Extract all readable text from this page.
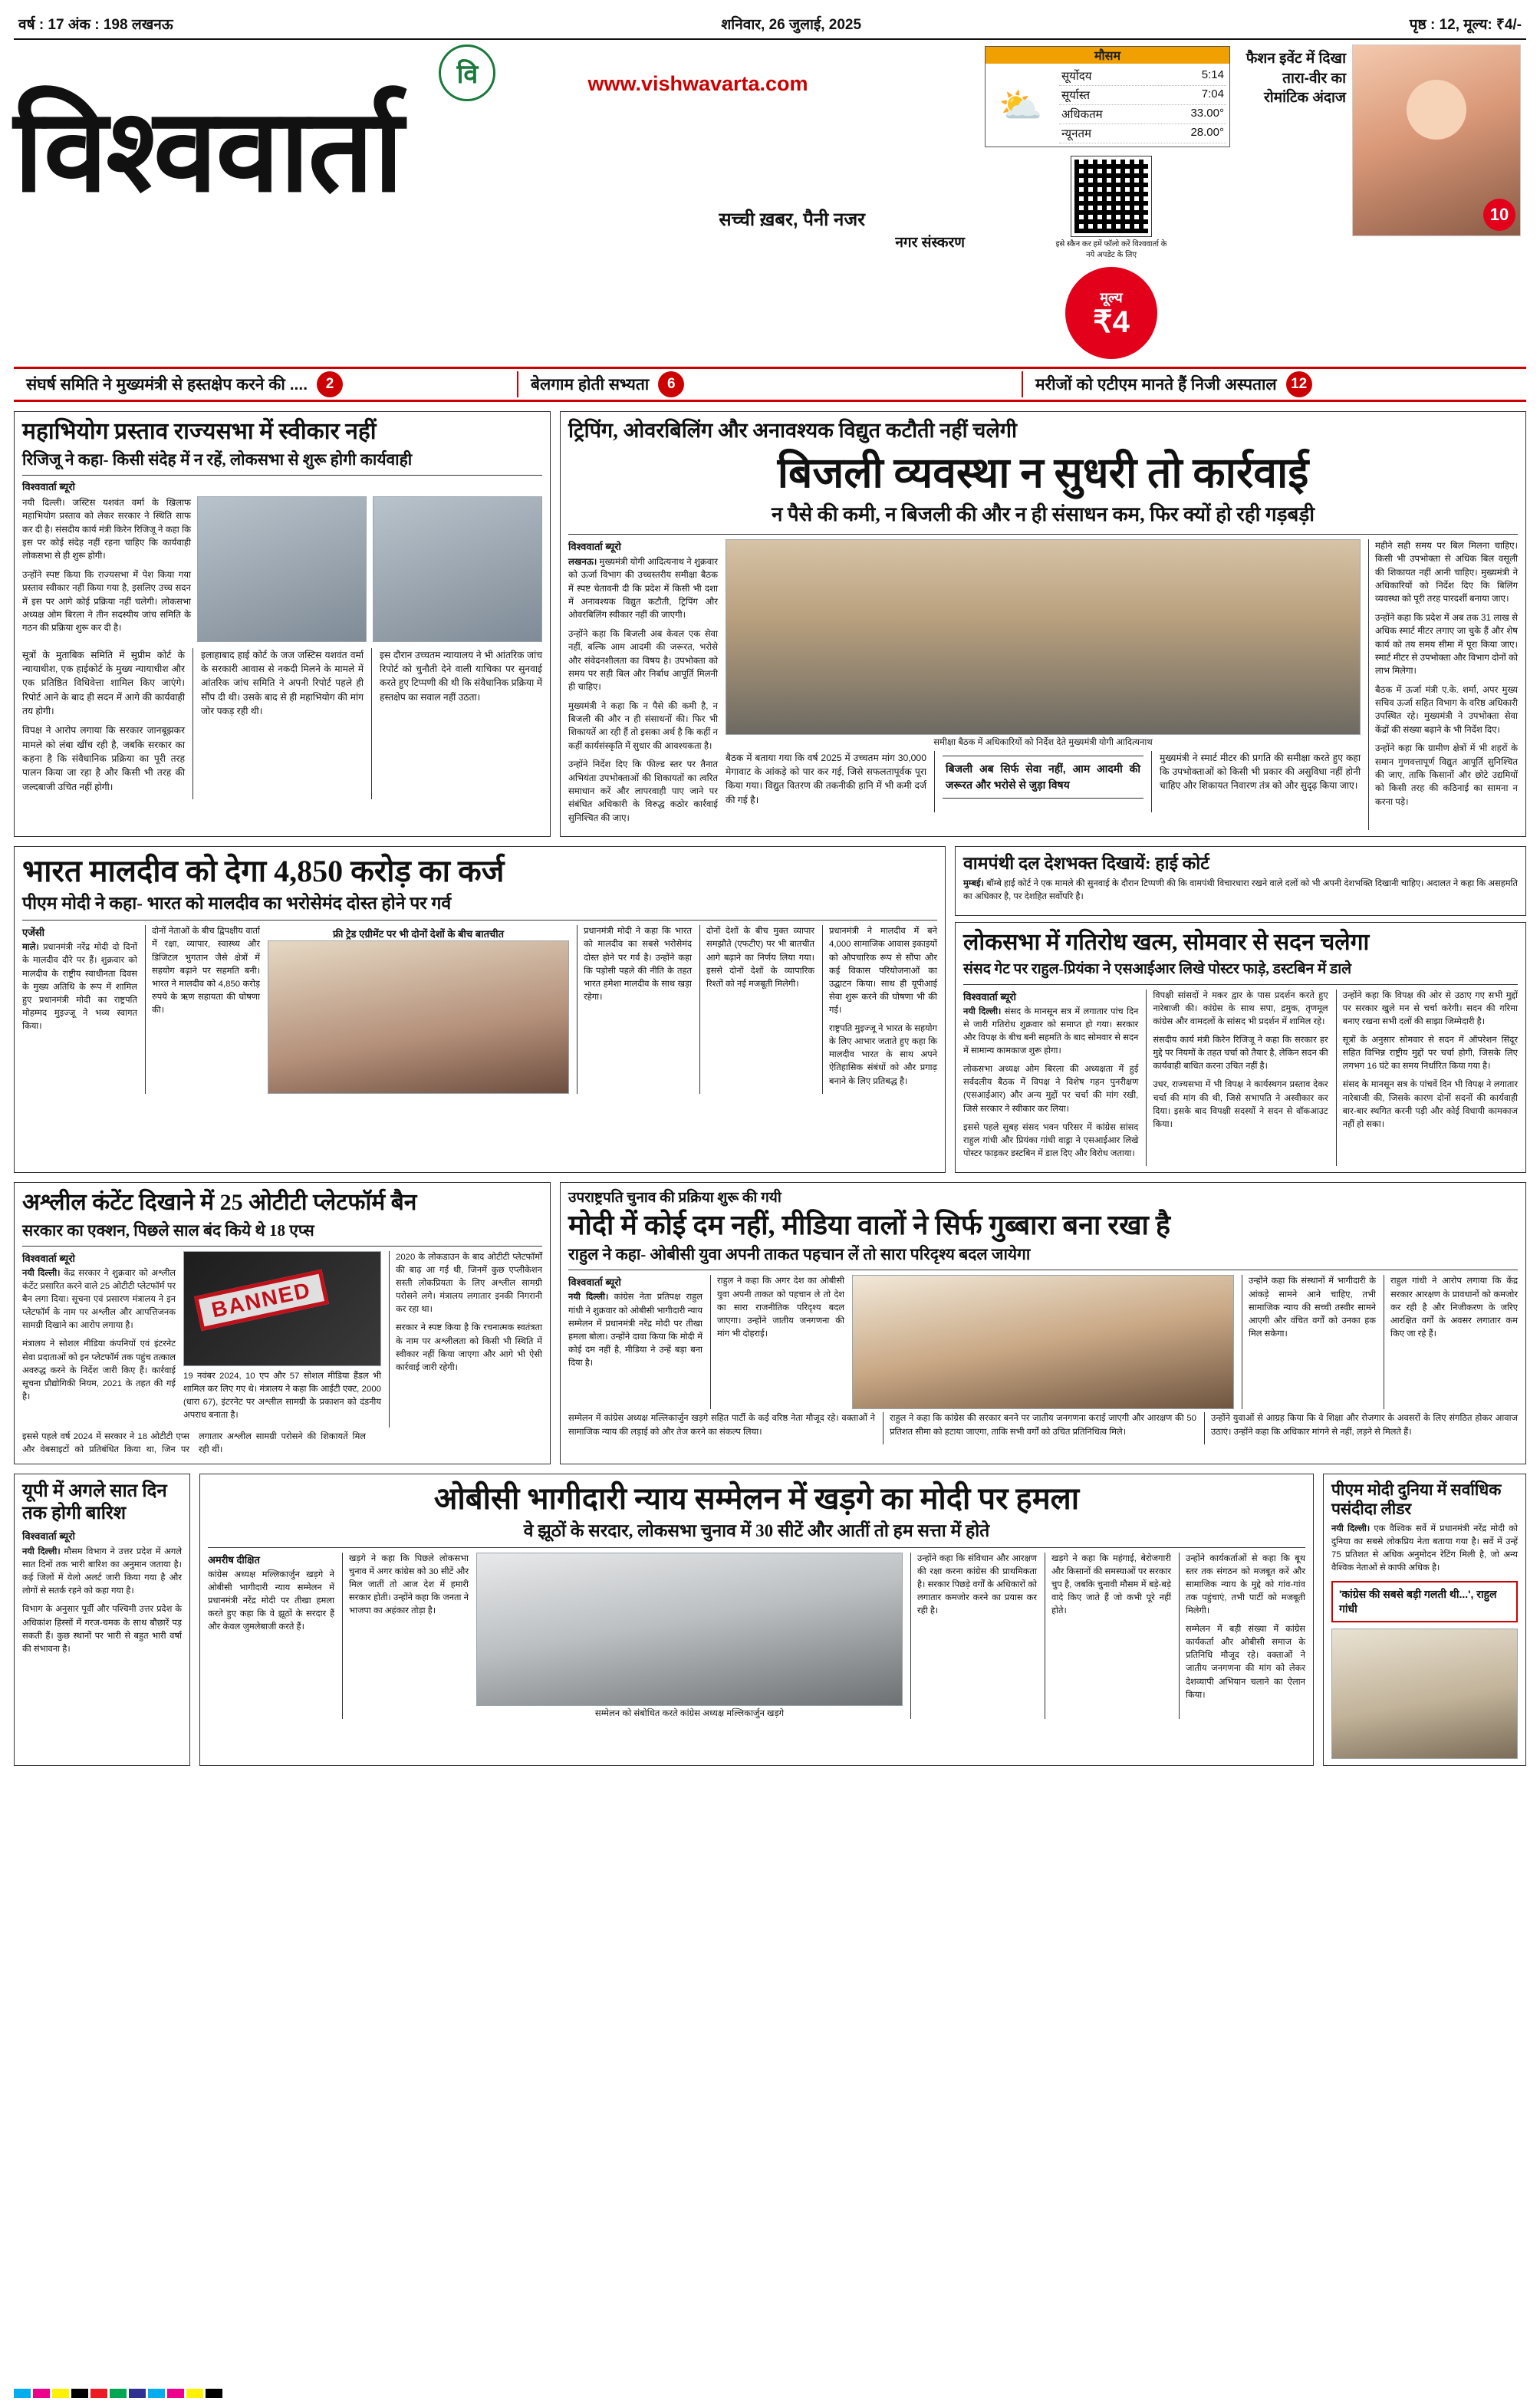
वर्ष : 17 अंक : 198 लखनऊ	शनिवार, 26 जुलाई, 2025	पृष्ठ : 12, मूल्य: ₹4/-
वि	www.vishwavarta.com
विश्ववार्ता
सच्ची ख़बर, पैनी नजर
नगर संस्करण
मौसम
⛅
सूर्योदय	5:14
सूर्यास्त	7:04
अधिकतम	33.00°
न्यूनतम	28.00°
इसे स्कैन कर हमें फॉलो करें विश्ववार्ता के नये अपडेट के लिए
मूल्य
₹4
फैशन इवेंट में दिखा तारा-वीर का रोमांटिक अंदाज
10
संघर्ष समिति ने मुख्यमंत्री से हस्तक्षेप करने की ....	2	बेलगाम होती सभ्यता	6	मरीजों को एटीएम मानते हैं निजी अस्पताल 12
महाभियोग प्रस्ताव राज्यसभा में स्वीकार नहीं
रिजिजू ने कहा- किसी संदेह में न रहें, लोकसभा से शुरू होगी कार्यवाही
विश्ववार्ता ब्यूरो

नयी दिल्ली। जस्टिस यशवंत वर्मा के खिलाफ महाभियोग प्रस्ताव को लेकर सरकार ने स्थिति साफ कर दी है। संसदीय कार्य मंत्री किरेन रिजिजू ने कहा कि इस पर कोई संदेह नहीं रहना चाहिए कि कार्यवाही लोकसभा से ही शुरू होगी।

उन्होंने स्पष्ट किया कि राज्यसभा में पेश किया गया प्रस्ताव स्वीकार नहीं किया गया है, इसलिए उच्च सदन में इस पर आगे कोई प्रक्रिया नहीं चलेगी। लोकसभा अध्यक्ष ओम बिरला ने तीन सदस्यीय जांच समिति के गठन की प्रक्रिया शुरू कर दी है।

सूत्रों के मुताबिक समिति में सुप्रीम कोर्ट के न्यायाधीश, एक हाईकोर्ट के मुख्य न्यायाधीश और एक प्रतिष्ठित विधिवेत्ता शामिल किए जाएंगे। रिपोर्ट आने के बाद ही सदन में आगे की कार्यवाही तय होगी।

विपक्ष ने आरोप लगाया कि सरकार जानबूझकर मामले को लंबा खींच रही है, जबकि सरकार का कहना है कि संवैधानिक प्रक्रिया का पूरी तरह पालन किया जा रहा है और किसी भी तरह की जल्दबाजी उचित नहीं होगी।

इलाहाबाद हाई कोर्ट के जज जस्टिस यशवंत वर्मा के सरकारी आवास से नकदी मिलने के मामले में आंतरिक जांच समिति ने अपनी रिपोर्ट पहले ही सौंप दी थी। उसके बाद से ही महाभियोग की मांग जोर पकड़ रही थी।

इस दौरान उच्चतम न्यायालय ने भी आंतरिक जांच रिपोर्ट को चुनौती देने वाली याचिका पर सुनवाई करते हुए टिप्पणी की थी कि संवैधानिक प्रक्रिया में हस्तक्षेप का सवाल नहीं उठता।

ट्रिपिंग, ओवरबिलिंग और अनावश्यक विद्युत कटौती नहीं चलेगी
बिजली व्यवस्था न सुधरी तो कार्रवाई
न पैसे की कमी, न बिजली की और न ही संसाधन कम, फिर क्यों हो रही गड़बड़ी
विश्ववार्ता ब्यूरो

लखनऊ। मुख्यमंत्री योगी आदित्यनाथ ने शुक्रवार को ऊर्जा विभाग की उच्चस्तरीय समीक्षा बैठक में स्पष्ट चेतावनी दी कि प्रदेश में किसी भी दशा में अनावश्यक विद्युत कटौती, ट्रिपिंग और ओवरबिलिंग स्वीकार नहीं की जाएगी।

उन्होंने कहा कि बिजली अब केवल एक सेवा नहीं, बल्कि आम आदमी की जरूरत, भरोसे और संवेदनशीलता का विषय है। उपभोक्ता को समय पर सही बिल और निर्बाध आपूर्ति मिलनी ही चाहिए।

मुख्यमंत्री ने कहा कि न पैसे की कमी है, न बिजली की और न ही संसाधनों की। फिर भी शिकायतें आ रही हैं तो इसका अर्थ है कि कहीं न कहीं कार्यसंस्कृति में सुधार की आवश्यकता है।

उन्होंने निर्देश दिए कि फील्ड स्तर पर तैनात अभियंता उपभोक्ताओं की शिकायतों का त्वरित समाधान करें और लापरवाही पाए जाने पर संबंधित अधिकारी के विरुद्ध कठोर कार्रवाई सुनिश्चित की जाए।

समीक्षा बैठक में अधिकारियों को निर्देश देते मुख्यमंत्री योगी आदित्यनाथ

बैठक में बताया गया कि वर्ष 2025 में उच्चतम मांग 30,000 मेगावाट के आंकड़े को पार कर गई, जिसे सफलतापूर्वक पूरा किया गया। विद्युत वितरण की तकनीकी हानि में भी कमी दर्ज की गई है।

बिजली अब सिर्फ सेवा नहीं, आम आदमी की जरूरत और भरोसे से जुड़ा विषय

मुख्यमंत्री ने स्मार्ट मीटर की प्रगति की समीक्षा करते हुए कहा कि उपभोक्ताओं को किसी भी प्रकार की असुविधा नहीं होनी चाहिए और शिकायत निवारण तंत्र को और सुदृढ़ किया जाए।

महीने सही समय पर बिल मिलना चाहिए। किसी भी उपभोक्ता से अधिक बिल वसूली की शिकायत नहीं आनी चाहिए। मुख्यमंत्री ने अधिकारियों को निर्देश दिए कि बिलिंग व्यवस्था को पूरी तरह पारदर्शी बनाया जाए।

उन्होंने कहा कि प्रदेश में अब तक 31 लाख से अधिक स्मार्ट मीटर लगाए जा चुके हैं और शेष कार्य को तय समय सीमा में पूरा किया जाए। स्मार्ट मीटर से उपभोक्ता और विभाग दोनों को लाभ मिलेगा।

बैठक में ऊर्जा मंत्री ए.के. शर्मा, अपर मुख्य सचिव ऊर्जा सहित विभाग के वरिष्ठ अधिकारी उपस्थित रहे। मुख्यमंत्री ने उपभोक्ता सेवा केंद्रों की संख्या बढ़ाने के भी निर्देश दिए।

उन्होंने कहा कि ग्रामीण क्षेत्रों में भी शहरों के समान गुणवत्तापूर्ण विद्युत आपूर्ति सुनिश्चित की जाए, ताकि किसानों और छोटे उद्यमियों को किसी तरह की कठिनाई का सामना न करना पड़े।

भारत मालदीव को देगा 4,850 करोड़ का कर्ज
पीएम मोदी ने कहा- भारत को मालदीव का भरोसेमंद दोस्त होने पर गर्व
एजेंसी

माले। प्रधानमंत्री नरेंद्र मोदी दो दिनों के मालदीव दौरे पर हैं। शुक्रवार को मालदीव के राष्ट्रीय स्वाधीनता दिवस के मुख्य अतिथि के रूप में शामिल हुए प्रधानमंत्री मोदी का राष्ट्रपति मोहम्मद मुइज्जू ने भव्य स्वागत किया।

दोनों नेताओं के बीच द्विपक्षीय वार्ता में रक्षा, व्यापार, स्वास्थ्य और डिजिटल भुगतान जैसे क्षेत्रों में सहयोग बढ़ाने पर सहमति बनी। भारत ने मालदीव को 4,850 करोड़ रुपये के ऋण सहायता की घोषणा की।

फ्री ट्रेड एग्रीमेंट पर भी दोनों देशों के बीच बातचीत	प्रधानमंत्री मोदी ने कहा कि भारत को मालदीव का सबसे भरोसेमंद दोस्त होने पर गर्व है। उन्होंने कहा कि पड़ोसी पहले की नीति के तहत भारत हमेशा मालदीव के साथ खड़ा रहेगा।

दोनों देशों के बीच मुक्त व्यापार समझौते (एफटीए) पर भी बातचीत आगे बढ़ाने का निर्णय लिया गया। इससे दोनों देशों के व्यापारिक रिश्तों को नई मजबूती मिलेगी।

प्रधानमंत्री ने मालदीव में बने 4,000 सामाजिक आवास इकाइयों को औपचारिक रूप से सौंपा और कई विकास परियोजनाओं का उद्घाटन किया। साथ ही यूपीआई सेवा शुरू करने की घोषणा भी की गई।

राष्ट्रपति मुइज्जू ने भारत के सहयोग के लिए आभार जताते हुए कहा कि मालदीव भारत के साथ अपने ऐतिहासिक संबंधों को और प्रगाढ़ बनाने के लिए प्रतिबद्ध है।

वामपंथी दल देशभक्त दिखायें: हाई कोर्ट

मुम्बई। बॉम्बे हाई कोर्ट ने एक मामले की सुनवाई के दौरान टिप्पणी की कि वामपंथी विचारधारा रखने वाले दलों को भी अपनी देशभक्ति दिखानी चाहिए। अदालत ने कहा कि असहमति का अधिकार है, पर देशहित सर्वोपरि है।

लोकसभा में गतिरोध खत्म, सोमवार से सदन चलेगा
संसद गेट पर राहुल-प्रियंका ने एसआईआर लिखे पोस्टर फाड़े, डस्टबिन में डाले
विश्ववार्ता ब्यूरो

नयी दिल्ली। संसद के मानसून सत्र में लगातार पांच दिन से जारी गतिरोध शुक्रवार को समाप्त हो गया। सरकार और विपक्ष के बीच बनी सहमति के बाद सोमवार से सदन में सामान्य कामकाज शुरू होगा।

लोकसभा अध्यक्ष ओम बिरला की अध्यक्षता में हुई सर्वदलीय बैठक में विपक्ष ने विशेष गहन पुनरीक्षण (एसआईआर) और अन्य मुद्दों पर चर्चा की मांग रखी, जिसे सरकार ने स्वीकार कर लिया।

इससे पहले सुबह संसद भवन परिसर में कांग्रेस सांसद राहुल गांधी और प्रियंका गांधी वाड्रा ने एसआईआर लिखे पोस्टर फाड़कर डस्टबिन में डाल दिए और विरोध जताया।

विपक्षी सांसदों ने मकर द्वार के पास प्रदर्शन करते हुए नारेबाजी की। कांग्रेस के साथ सपा, द्रमुक, तृणमूल कांग्रेस और वामदलों के सांसद भी प्रदर्शन में शामिल रहे।

संसदीय कार्य मंत्री किरेन रिजिजू ने कहा कि सरकार हर मुद्दे पर नियमों के तहत चर्चा को तैयार है, लेकिन सदन की कार्यवाही बाधित करना उचित नहीं है।

उधर, राज्यसभा में भी विपक्ष ने कार्यस्थगन प्रस्ताव देकर चर्चा की मांग की थी, जिसे सभापति ने अस्वीकार कर दिया। इसके बाद विपक्षी सदस्यों ने सदन से वॉकआउट किया।

उन्होंने कहा कि विपक्ष की ओर से उठाए गए सभी मुद्दों पर सरकार खुले मन से चर्चा करेगी। सदन की गरिमा बनाए रखना सभी दलों की साझा जिम्मेदारी है।

सूत्रों के अनुसार सोमवार से सदन में ऑपरेशन सिंदूर सहित विभिन्न राष्ट्रीय मुद्दों पर चर्चा होगी, जिसके लिए लगभग 16 घंटे का समय निर्धारित किया गया है।

संसद के मानसून सत्र के पांचवें दिन भी विपक्ष ने लगातार नारेबाजी की, जिसके कारण दोनों सदनों की कार्यवाही बार-बार स्थगित करनी पड़ी और कोई विधायी कामकाज नहीं हो सका।

अश्लील कंटेंट दिखाने में 25 ओटीटी प्लेटफॉर्म बैन
सरकार का एक्शन, पिछले साल बंद किये थे 18 एप्स
विश्ववार्ता ब्यूरो

नयी दिल्ली। केंद्र सरकार ने शुक्रवार को अश्लील कंटेंट प्रसारित करने वाले 25 ओटीटी प्लेटफॉर्म पर बैन लगा दिया। सूचना एवं प्रसारण मंत्रालय ने इन प्लेटफॉर्म के नाम पर अश्लील और आपत्तिजनक सामग्री दिखाने का आरोप लगाया है।

मंत्रालय ने सोशल मीडिया कंपनियों एवं इंटरनेट सेवा प्रदाताओं को इन प्लेटफॉर्म तक पहुंच तत्काल अवरुद्ध करने के निर्देश जारी किए हैं। कार्रवाई सूचना प्रौद्योगिकी नियम, 2021 के तहत की गई है।

BANNED

19 नवंबर 2024, 10 एप और 57 सोशल मीडिया हैंडल भी शामिल कर लिए गए थे। मंत्रालय ने कहा कि आईटी एक्ट, 2000 (धारा 67), इंटरनेट पर अश्लील सामग्री के प्रकाशन को दंडनीय अपराध बनाता है।

2020 के लोकडाउन के बाद ओटीटी प्लेटफॉर्मों की बाढ़ आ गई थी, जिनमें कुछ एप्लीकेशन सस्ती लोकप्रियता के लिए अश्लील सामग्री परोसने लगे। मंत्रालय लगातार इनकी निगरानी कर रहा था।

सरकार ने स्पष्ट किया है कि रचनात्मक स्वतंत्रता के नाम पर अश्लीलता को किसी भी स्थिति में स्वीकार नहीं किया जाएगा और आगे भी ऐसी कार्रवाई जारी रहेगी।

इससे पहले वर्ष 2024 में सरकार ने 18 ओटीटी एप्स और वेबसाइटों को प्रतिबंधित किया था, जिन पर लगातार अश्लील सामग्री परोसने की शिकायतें मिल रही थीं।

उपराष्ट्रपति चुनाव की प्रक्रिया शुरू की गयी
मोदी में कोई दम नहीं, मीडिया वालों ने सिर्फ गुब्बारा बना रखा है
राहुल ने कहा- ओबीसी युवा अपनी ताकत पहचान लें तो सारा परिदृश्य बदल जायेगा
विश्ववार्ता ब्यूरो

नयी दिल्ली। कांग्रेस नेता प्रतिपक्ष राहुल गांधी ने शुक्रवार को ओबीसी भागीदारी न्याय सम्मेलन में प्रधानमंत्री नरेंद्र मोदी पर तीखा हमला बोला। उन्होंने दावा किया कि मोदी में कोई दम नहीं है, मीडिया ने उन्हें बड़ा बना दिया है।

राहुल ने कहा कि अगर देश का ओबीसी युवा अपनी ताकत को पहचान ले तो देश का सारा राजनीतिक परिदृश्य बदल जाएगा। उन्होंने जातीय जनगणना की मांग भी दोहराई।

उन्होंने कहा कि संस्थानों में भागीदारी के आंकड़े सामने आने चाहिए, तभी सामाजिक न्याय की सच्ची तस्वीर सामने आएगी और वंचित वर्गों को उनका हक मिल सकेगा।

राहुल गांधी ने आरोप लगाया कि केंद्र सरकार आरक्षण के प्रावधानों को कमजोर कर रही है और निजीकरण के जरिए आरक्षित वर्गों के अवसर लगातार कम किए जा रहे हैं।

सम्मेलन में कांग्रेस अध्यक्ष मल्लिकार्जुन खड़गे सहित पार्टी के कई वरिष्ठ नेता मौजूद रहे। वक्ताओं ने सामाजिक न्याय की लड़ाई को और तेज करने का संकल्प लिया।

राहुल ने कहा कि कांग्रेस की सरकार बनने पर जातीय जनगणना कराई जाएगी और आरक्षण की 50 प्रतिशत सीमा को हटाया जाएगा, ताकि सभी वर्गों को उचित प्रतिनिधित्व मिले।

उन्होंने युवाओं से आग्रह किया कि वे शिक्षा और रोजगार के अवसरों के लिए संगठित होकर आवाज उठाएं। उन्होंने कहा कि अधिकार मांगने से नहीं, लड़ने से मिलते हैं।

यूपी में अगले सात दिन तक होगी बारिश
विश्ववार्ता ब्यूरो

नयी दिल्ली। मौसम विभाग ने उत्तर प्रदेश में अगले सात दिनों तक भारी बारिश का अनुमान जताया है। कई जिलों में येलो अलर्ट जारी किया गया है और लोगों से सतर्क रहने को कहा गया है।

विभाग के अनुसार पूर्वी और पश्चिमी उत्तर प्रदेश के अधिकांश हिस्सों में गरज-चमक के साथ बौछारें पड़ सकती हैं। कुछ स्थानों पर भारी से बहुत भारी वर्षा की संभावना है।

ओबीसी भागीदारी न्याय सम्मेलन में खड़गे का मोदी पर हमला
वे झूठों के सरदार, लोकसभा चुनाव में 30 सीटें और आतीं तो हम सत्ता में होते
अमरीष दीक्षित

कांग्रेस अध्यक्ष मल्लिकार्जुन खड़गे ने ओबीसी भागीदारी न्याय सम्मेलन में प्रधानमंत्री नरेंद्र मोदी पर तीखा हमला करते हुए कहा कि वे झूठों के सरदार हैं और केवल जुमलेबाजी करते हैं।

खड़गे ने कहा कि पिछले लोकसभा चुनाव में अगर कांग्रेस को 30 सीटें और मिल जातीं तो आज देश में हमारी सरकार होती। उन्होंने कहा कि जनता ने भाजपा का अहंकार तोड़ा है।

सम्मेलन को संबोधित करते कांग्रेस अध्यक्ष मल्लिकार्जुन खड़गे

उन्होंने कहा कि संविधान और आरक्षण की रक्षा करना कांग्रेस की प्राथमिकता है। सरकार पिछड़े वर्गों के अधिकारों को लगातार कमजोर करने का प्रयास कर रही है।

खड़गे ने कहा कि महंगाई, बेरोजगारी और किसानों की समस्याओं पर सरकार चुप है, जबकि चुनावी मौसम में बड़े-बड़े वादे किए जाते हैं जो कभी पूरे नहीं होते।

उन्होंने कार्यकर्ताओं से कहा कि बूथ स्तर तक संगठन को मजबूत करें और सामाजिक न्याय के मुद्दे को गांव-गांव तक पहुंचाएं, तभी पार्टी को मजबूती मिलेगी।

सम्मेलन में बड़ी संख्या में कांग्रेस कार्यकर्ता और ओबीसी समाज के प्रतिनिधि मौजूद रहे। वक्ताओं ने जातीय जनगणना की मांग को लेकर देशव्यापी अभियान चलाने का ऐलान किया।

पीएम मोदी दुनिया में सर्वाधिक पसंदीदा लीडर

नयी दिल्ली। एक वैश्विक सर्वे में प्रधानमंत्री नरेंद्र मोदी को दुनिया का सबसे लोकप्रिय नेता बताया गया है। सर्वे में उन्हें 75 प्रतिशत से अधिक अनुमोदन रेटिंग मिली है, जो अन्य वैश्विक नेताओं से काफी अधिक है।

'कांग्रेस की सबसे बड़ी गलती थी...', राहुल गांधी
